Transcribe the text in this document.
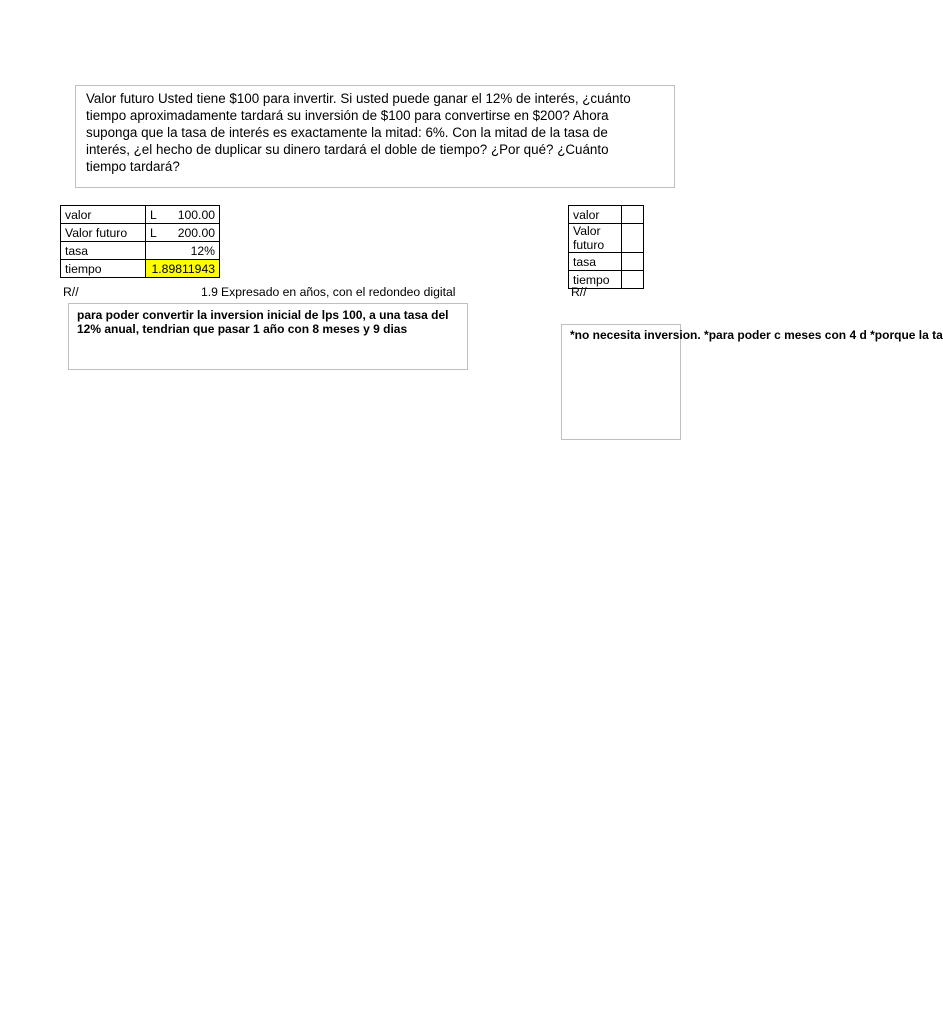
Valor futuro Usted tiene $100 para invertir. Si usted puede ganar el 12% de interés, ¿cuánto
tiempo aproximadamente tardará su inversión de $100 para convertirse en $200? Ahora
suponga que la tasa de interés es exactamente la mitad: 6%. Con la mitad de la tasa de
interés, ¿el hecho de duplicar su dinero tardará el doble de tiempo? ¿Por qué? ¿Cuánto
tiempo tardará?
valor	L 100.00
Valor futuro	L 200.00
tasa	12%
tiempo	1.89811943
R//	1.9 Expresado en años, con el redondeo digital
para poder convertir la inversion inicial de lps 100, a una tasa del
12% anual, tendrian que pasar 1 año con 8 meses y 9 dias
valor	
Valor futuro	
tasa	
tiempo	
R//
*no necesita inversion. *para poder c meses con 4 d *porque la ta
